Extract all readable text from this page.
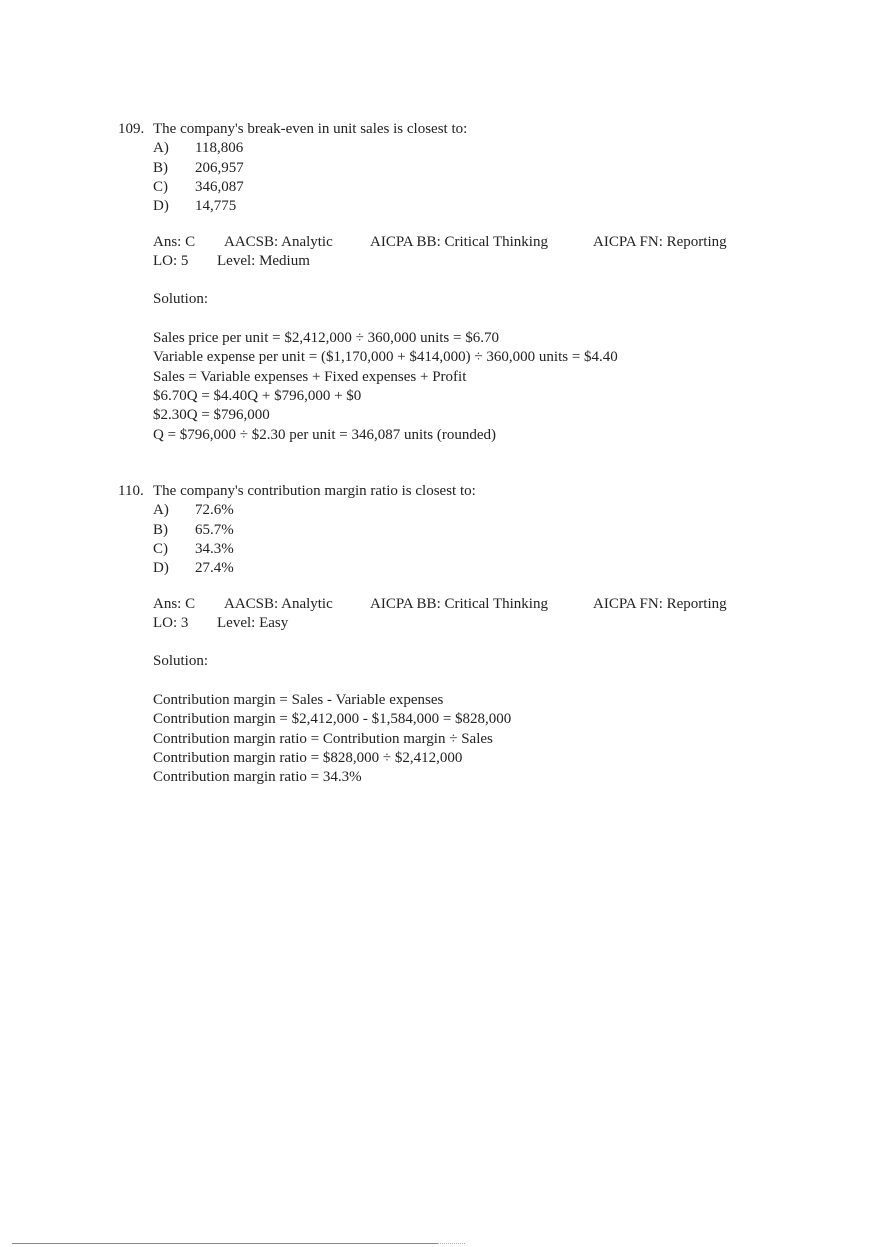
109. The company's break-even in unit sales is closest to:
A) 118,806
B) 206,957
C) 346,087
D) 14,775
Ans: C AACSB: Analytic AICPA BB: Critical Thinking	AICPA FN: Reporting
LO: 5 Level: Medium
Solution:
Sales price per unit = $2,412,000 ÷ 360,000 units = $6.70
Variable expense per unit = ($1,170,000 + $414,000) ÷ 360,000 units = $4.40
Sales = Variable expenses + Fixed expenses + Profit
$6.70Q = $4.40Q + $796,000 + $0
$2.30Q = $796,000
Q = $796,000 ÷ $2.30 per unit = 346,087 units (rounded)
110. The company's contribution margin ratio is closest to:
A) 72.6%
B) 65.7%
C) 34.3%
D) 27.4%
Ans: C AACSB: Analytic AICPA BB: Critical Thinking	AICPA FN: Reporting
LO: 3 Level: Easy
Solution:
Contribution margin = Sales - Variable expenses
Contribution margin = $2,412,000 - $1,584,000 = $828,000
Contribution margin ratio = Contribution margin ÷ Sales
Contribution margin ratio = $828,000 ÷ $2,412,000
Contribution margin ratio = 34.3%
